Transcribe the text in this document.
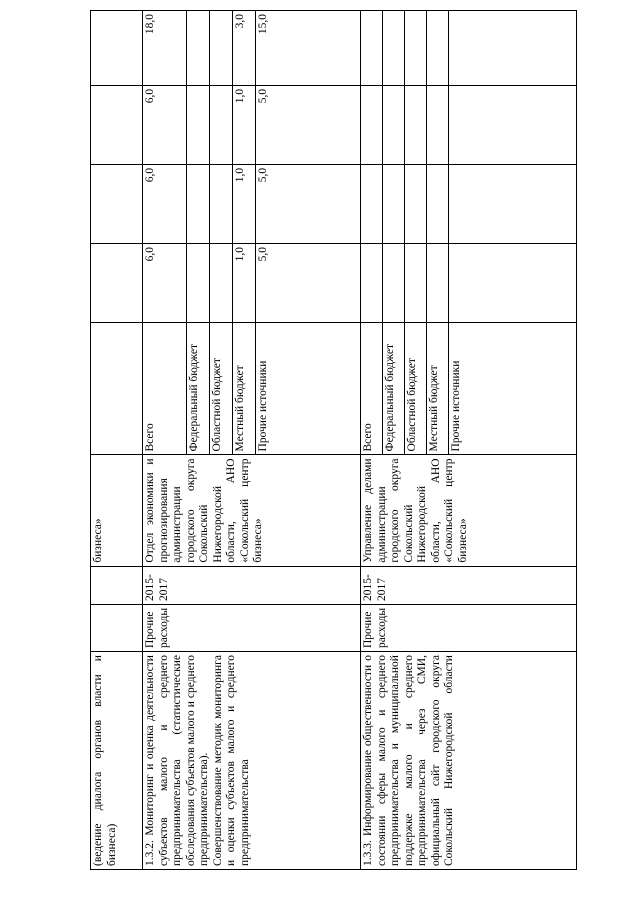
(ведение диалога органов власти и бизнеса)			бизнеса»					
1.3.2. Мониторинг и оценка деятельности субъектов малого и среднего предпринимательства (статистические обследования субъектов малого и среднего предпринимательства). Совершенствование методик мониторинга и оценки субъектов малого и среднего предпринимательства	Прочие расходы	2015-2017	Отдел экономики и прогнозирования администрации городского округа Сокольский Нижегородской области, АНО «Сокольский центр бизнеса»	Всего	6,0	6,0	6,0	18,0
				Федеральный бюджет				
				Областной бюджет				
				Местный бюджет	1,0	1,0	1,0	3,0
				Прочие источники	5,0	5,0	5,0	15,0
1.3.3. Информирование общественности о состоянии сферы малого и среднего предпринимательства и муниципальной поддержке малого и среднего предпринимательства через СМИ, официальный сайт городского округа Сокольский Нижегородской области	Прочие расходы	2015-2017	Управление делами администрации городского округа Сокольский Нижегородской области, АНО «Сокольский центр бизнеса»	Всего				
				Федеральный бюджет				
				Областной бюджет				
				Местный бюджет				
				Прочие источники				
